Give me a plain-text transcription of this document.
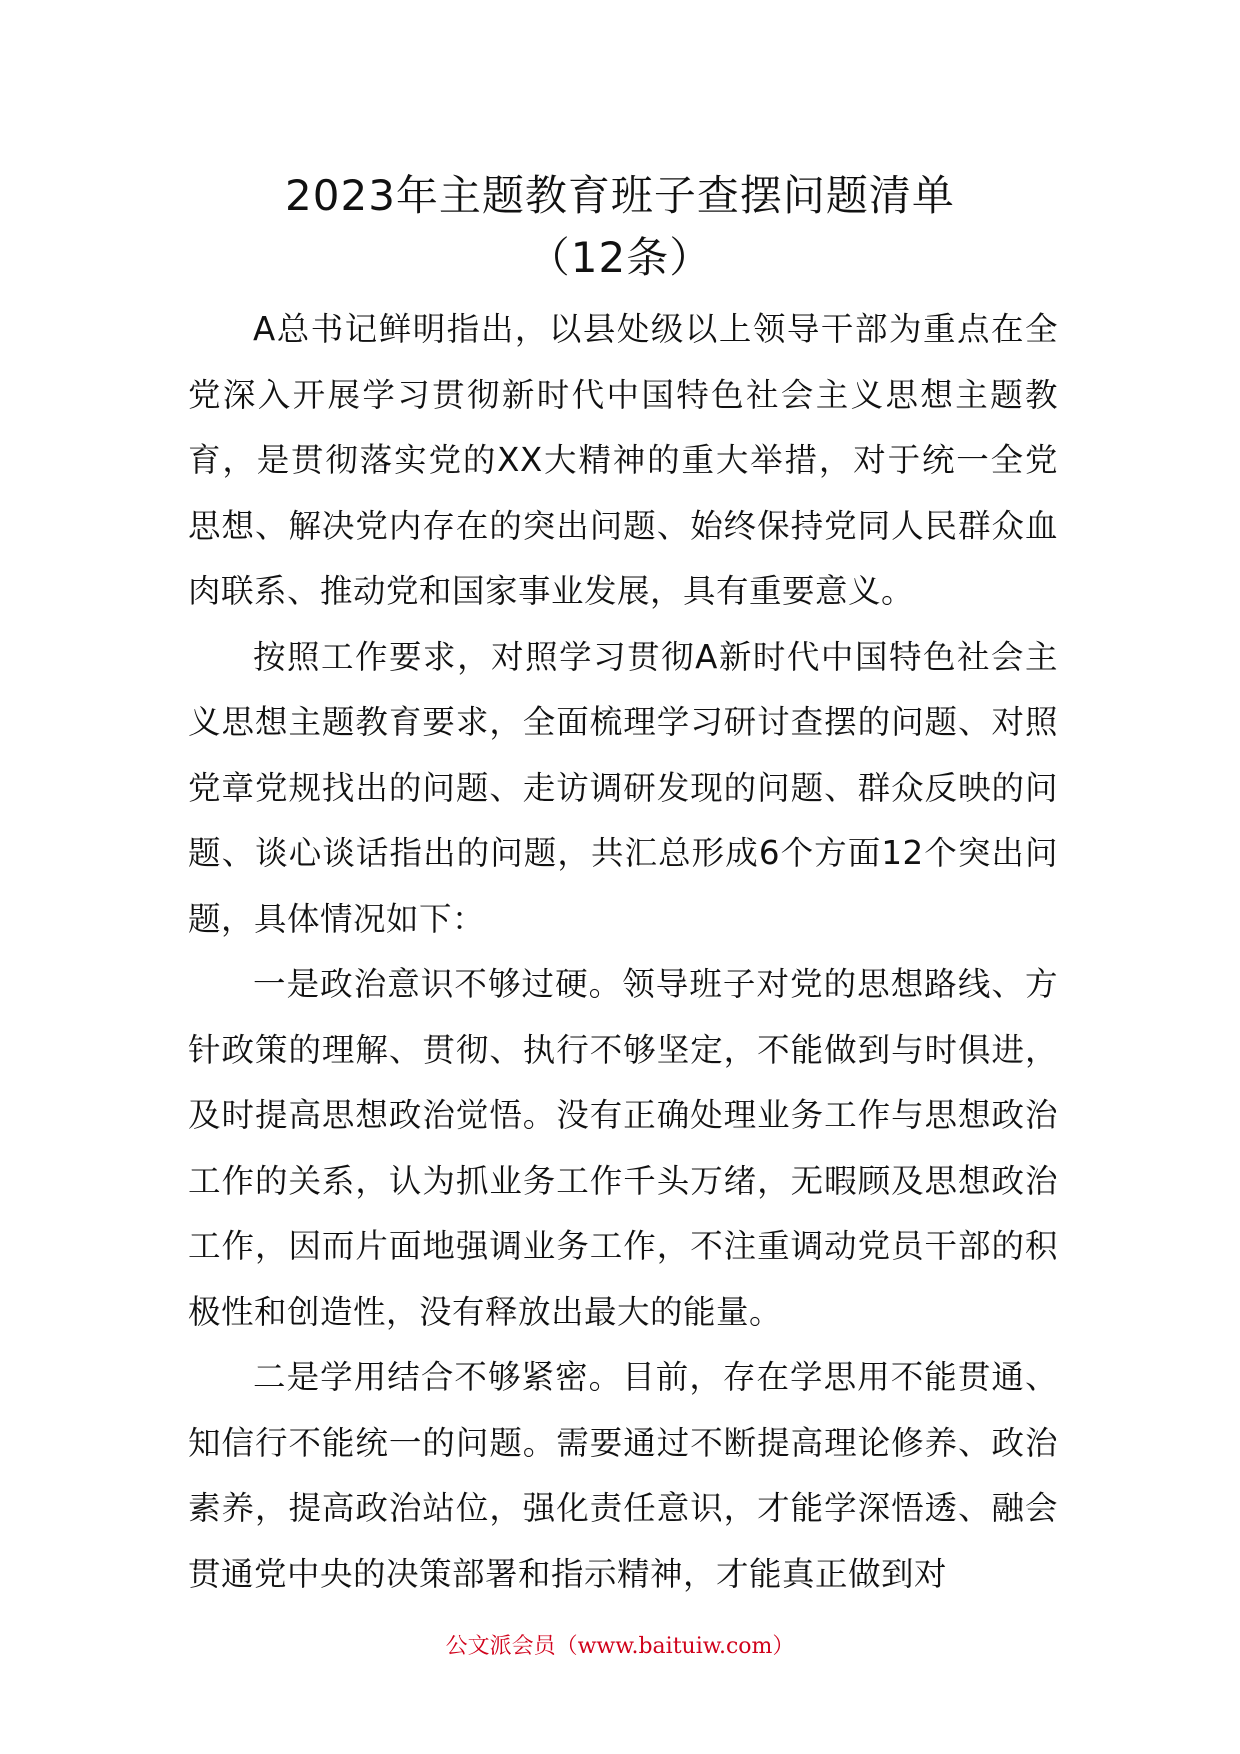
2023年主题教育班子查摆问题清单
（12条）

A总书记鲜明指出，以县处级以上领导干部为重点在全党深入开展学习贯彻新时代中国特色社会主义思想主题教育，是贯彻落实党的XX大精神的重大举措，对于统一全党思想、解决党内存在的突出问题、始终保持党同人民群众血肉联系、推动党和国家事业发展，具有重要意义。

按照工作要求，对照学习贯彻A新时代中国特色社会主义思想主题教育要求，全面梳理学习研讨查摆的问题、对照党章党规找出的问题、走访调研发现的问题、群众反映的问题、谈心谈话指出的问题，共汇总形成6个方面12个突出问题，具体情况如下：

一是政治意识不够过硬。领导班子对党的思想路线、方针政策的理解、贯彻、执行不够坚定，不能做到与时俱进，及时提高思想政治觉悟。没有正确处理业务工作与思想政治工作的关系，认为抓业务工作千头万绪，无暇顾及思想政治工作，因而片面地强调业务工作，不注重调动党员干部的积极性和创造性，没有释放出最大的能量。

二是学用结合不够紧密。目前，存在学思用不能贯通、知信行不能统一的问题。需要通过不断提高理论修养、政治素养，提高政治站位，强化责任意识，才能学深悟透、融会贯通党中央的决策部署和指示精神，才能真正做到对

公文派会员（www.baituiw.com）
